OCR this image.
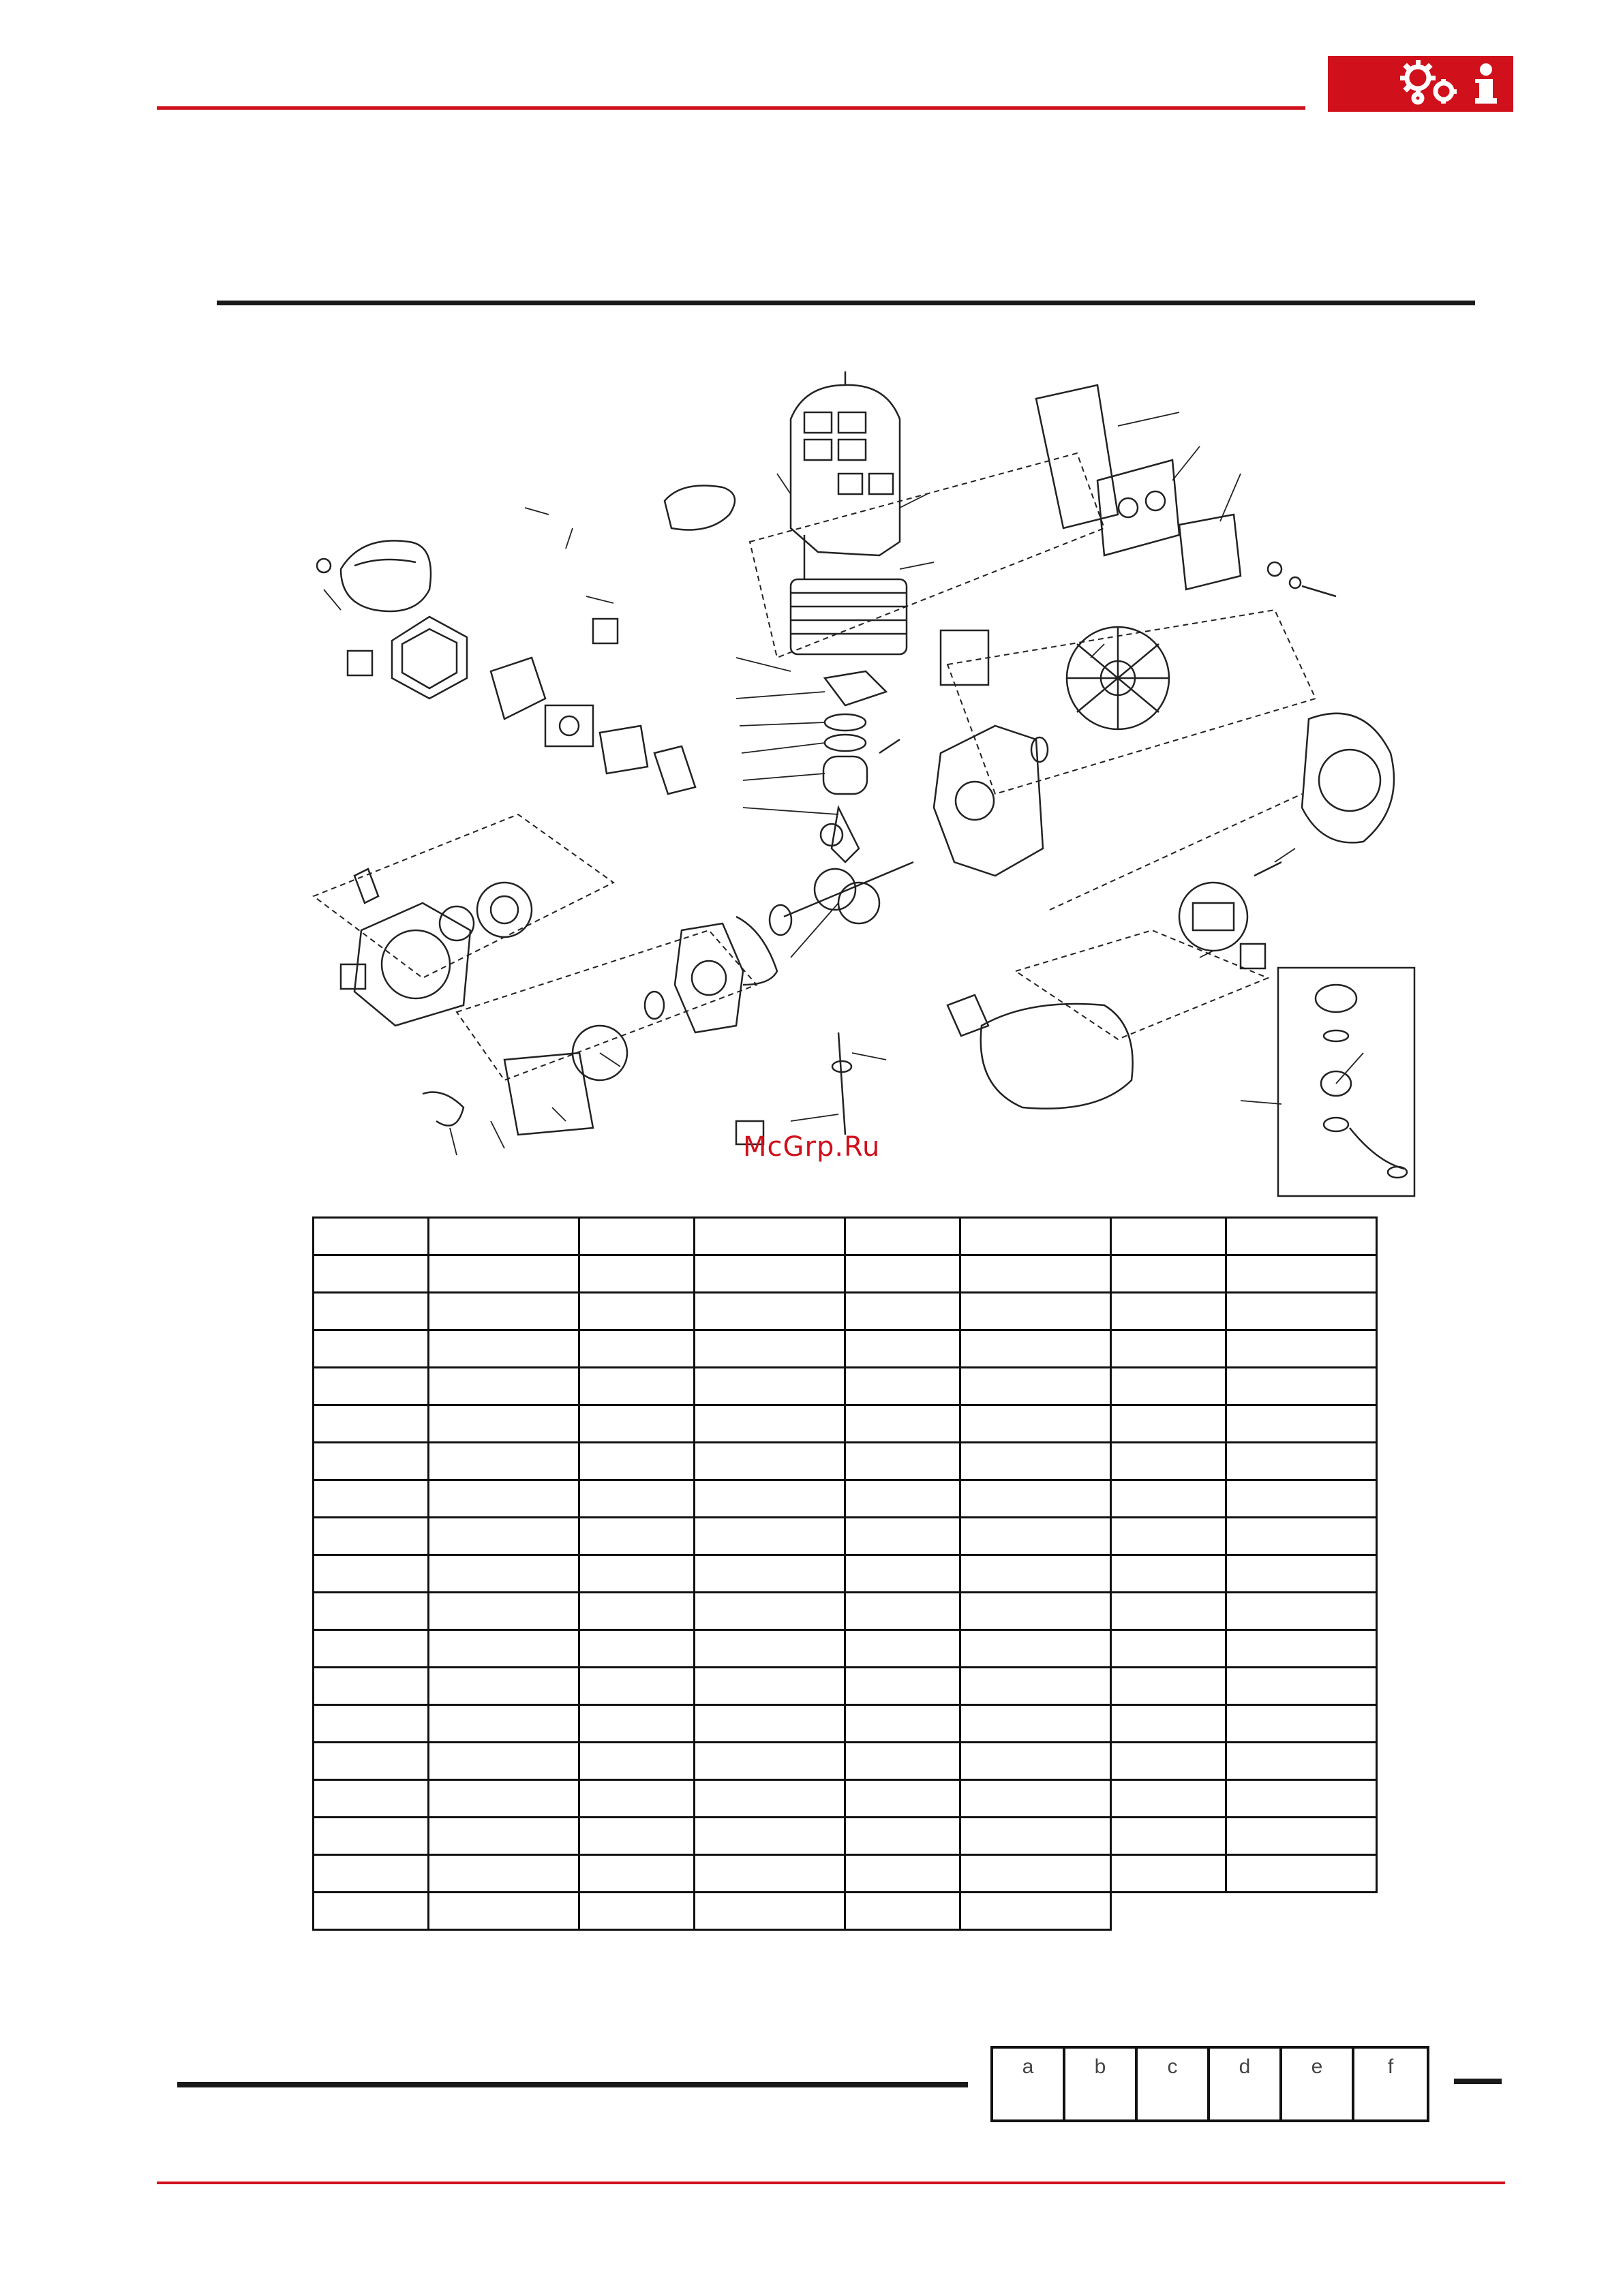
McGrp.Ru

a	b	c	d	e	f
